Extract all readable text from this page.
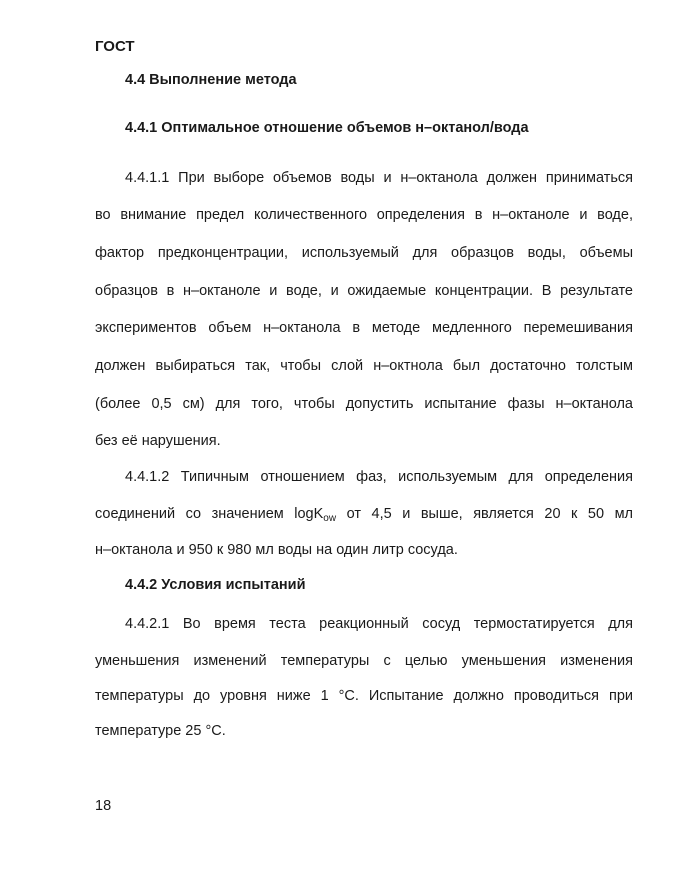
ГОСТ
4.4 Выполнение метода
4.4.1 Оптимальное отношение объемов н–октанол/вода
4.4.1.1 При выборе объемов воды и н–октанола должен приниматься
во внимание предел количественного определения в н–октаноле и воде,
фактор предконцентрации, используемый для образцов воды, объемы
образцов в н–октаноле и воде, и ожидаемые концентрации. В результате
экспериментов объем н–октанола в методе медленного перемешивания
должен выбираться так, чтобы слой н–октнола был достаточно толстым
(более 0,5 см) для того, чтобы допустить испытание фазы н–октанола
без её нарушения.
4.4.1.2 Типичным отношением фаз, используемым для определения
соединений со значением logK$_{ow}$ от 4,5 и выше, является 20 к 50 мл
н–октанола и 950 к 980 мл воды на один литр сосуда.
4.4.2 Условия испытаний
4.4.2.1 Во время теста реакционный сосуд термостатируется для
уменьшения изменений температуры с целью уменьшения изменения
температуры до уровня ниже 1 °С. Испытание должно проводиться при
температуре 25 °С.
18
